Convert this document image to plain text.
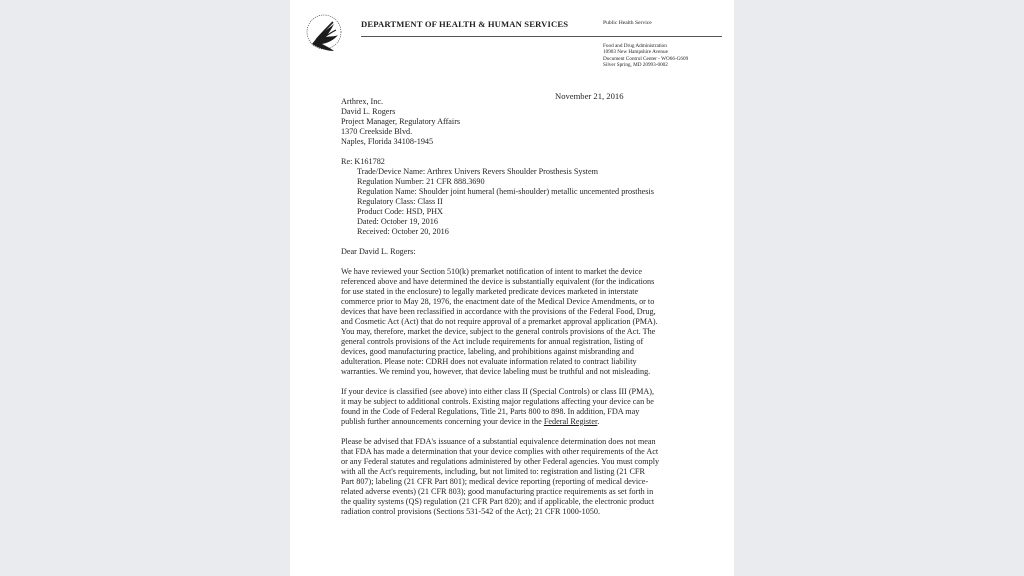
DEPARTMENT OF HEALTH & HUMAN SERVICES	Public Health Service
Food and Drug Administration
10903 New Hampshire Avenue
Document Control Center - WO66-G609
Silver Spring, MD 20993-0002
November 21, 2016
Arthrex, Inc.
David L. Rogers
Project Manager, Regulatory Affairs
1370 Creekside Blvd.
Naples, Florida 34108-1945
Re: K161782
Trade/Device Name: Arthrex Univers Revers Shoulder Prosthesis System
Regulation Number: 21 CFR 888.3690
Regulation Name: Shoulder joint humeral (hemi-shoulder) metallic uncemented prosthesis
Regulatory Class: Class II
Product Code: HSD, PHX
Dated: October 19, 2016
Received: October 20, 2016
Dear David L. Rogers:
We have reviewed your Section 510(k) premarket notification of intent to market the device
referenced above and have determined the device is substantially equivalent (for the indications
for use stated in the enclosure) to legally marketed predicate devices marketed in interstate
commerce prior to May 28, 1976, the enactment date of the Medical Device Amendments, or to
devices that have been reclassified in accordance with the provisions of the Federal Food, Drug,
and Cosmetic Act (Act) that do not require approval of a premarket approval application (PMA).
You may, therefore, market the device, subject to the general controls provisions of the Act. The
general controls provisions of the Act include requirements for annual registration, listing of
devices, good manufacturing practice, labeling, and prohibitions against misbranding and
adulteration. Please note: CDRH does not evaluate information related to contract liability
warranties. We remind you, however, that device labeling must be truthful and not misleading.
If your device is classified (see above) into either class II (Special Controls) or class III (PMA),
it may be subject to additional controls. Existing major regulations affecting your device can be
found in the Code of Federal Regulations, Title 21, Parts 800 to 898. In addition, FDA may
publish further announcements concerning your device in the Federal Register.
Please be advised that FDA's issuance of a substantial equivalence determination does not mean
that FDA has made a determination that your device complies with other requirements of the Act
or any Federal statutes and regulations administered by other Federal agencies. You must comply
with all the Act's requirements, including, but not limited to: registration and listing (21 CFR
Part 807); labeling (21 CFR Part 801); medical device reporting (reporting of medical device-
related adverse events) (21 CFR 803); good manufacturing practice requirements as set forth in
the quality systems (QS) regulation (21 CFR Part 820); and if applicable, the electronic product
radiation control provisions (Sections 531-542 of the Act); 21 CFR 1000-1050.
